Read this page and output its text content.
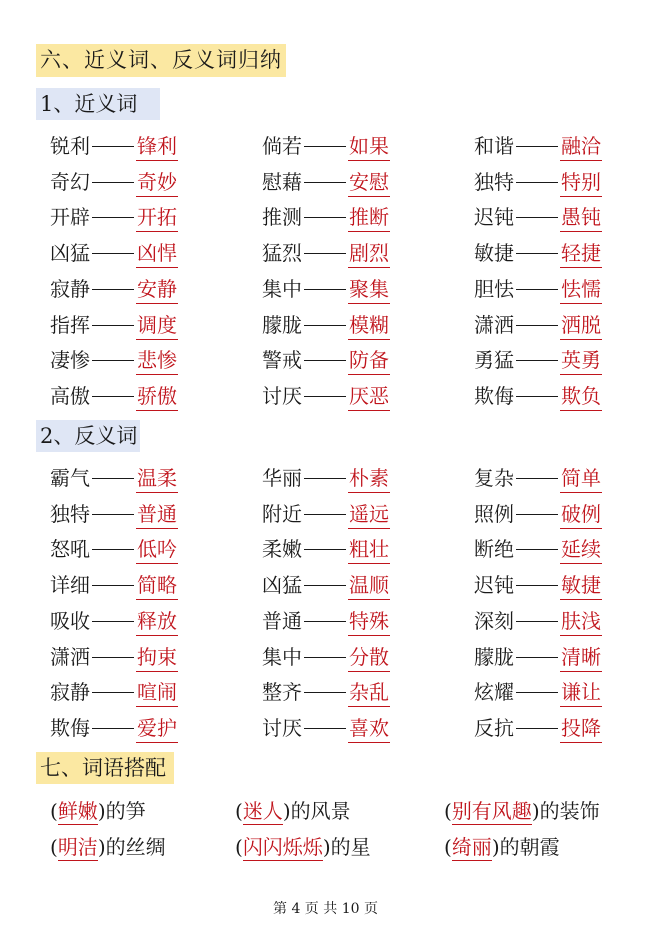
六、近义词、反义词归纳
1、近义词
锐利 锋利	倘若 如果	和谐 融洽
奇幻 奇妙	慰藉 安慰	独特 特别
开辟 开拓	推测 推断	迟钝 愚钝
凶猛 凶悍	猛烈 剧烈	敏捷 轻捷
寂静 安静	集中 聚集	胆怯 怯懦
指挥 调度	朦胧 模糊	潇洒 洒脱
凄惨 悲惨	警戒 防备	勇猛 英勇
高傲 骄傲	讨厌 厌恶	欺侮 欺负
2、反义词
霸气 温柔	华丽 朴素	复杂 简单
独特 普通	附近 遥远	照例 破例
怒吼 低吟	柔嫩 粗壮	断绝 延续
详细 简略	凶猛 温顺	迟钝 敏捷
吸收 释放	普通 特殊	深刻 肤浅
潇洒 拘束	集中 分散	朦胧 清晰
寂静 喧闹	整齐 杂乱	炫耀 谦让
欺侮 爱护	讨厌 喜欢	反抗 投降
七、词语搭配
(鲜嫩)的笋	(迷人)的风景	(别有风趣)的装饰
(明洁)的丝绸	(闪闪烁烁)的星	(绮丽)的朝霞
第 4 页 共 10 页
